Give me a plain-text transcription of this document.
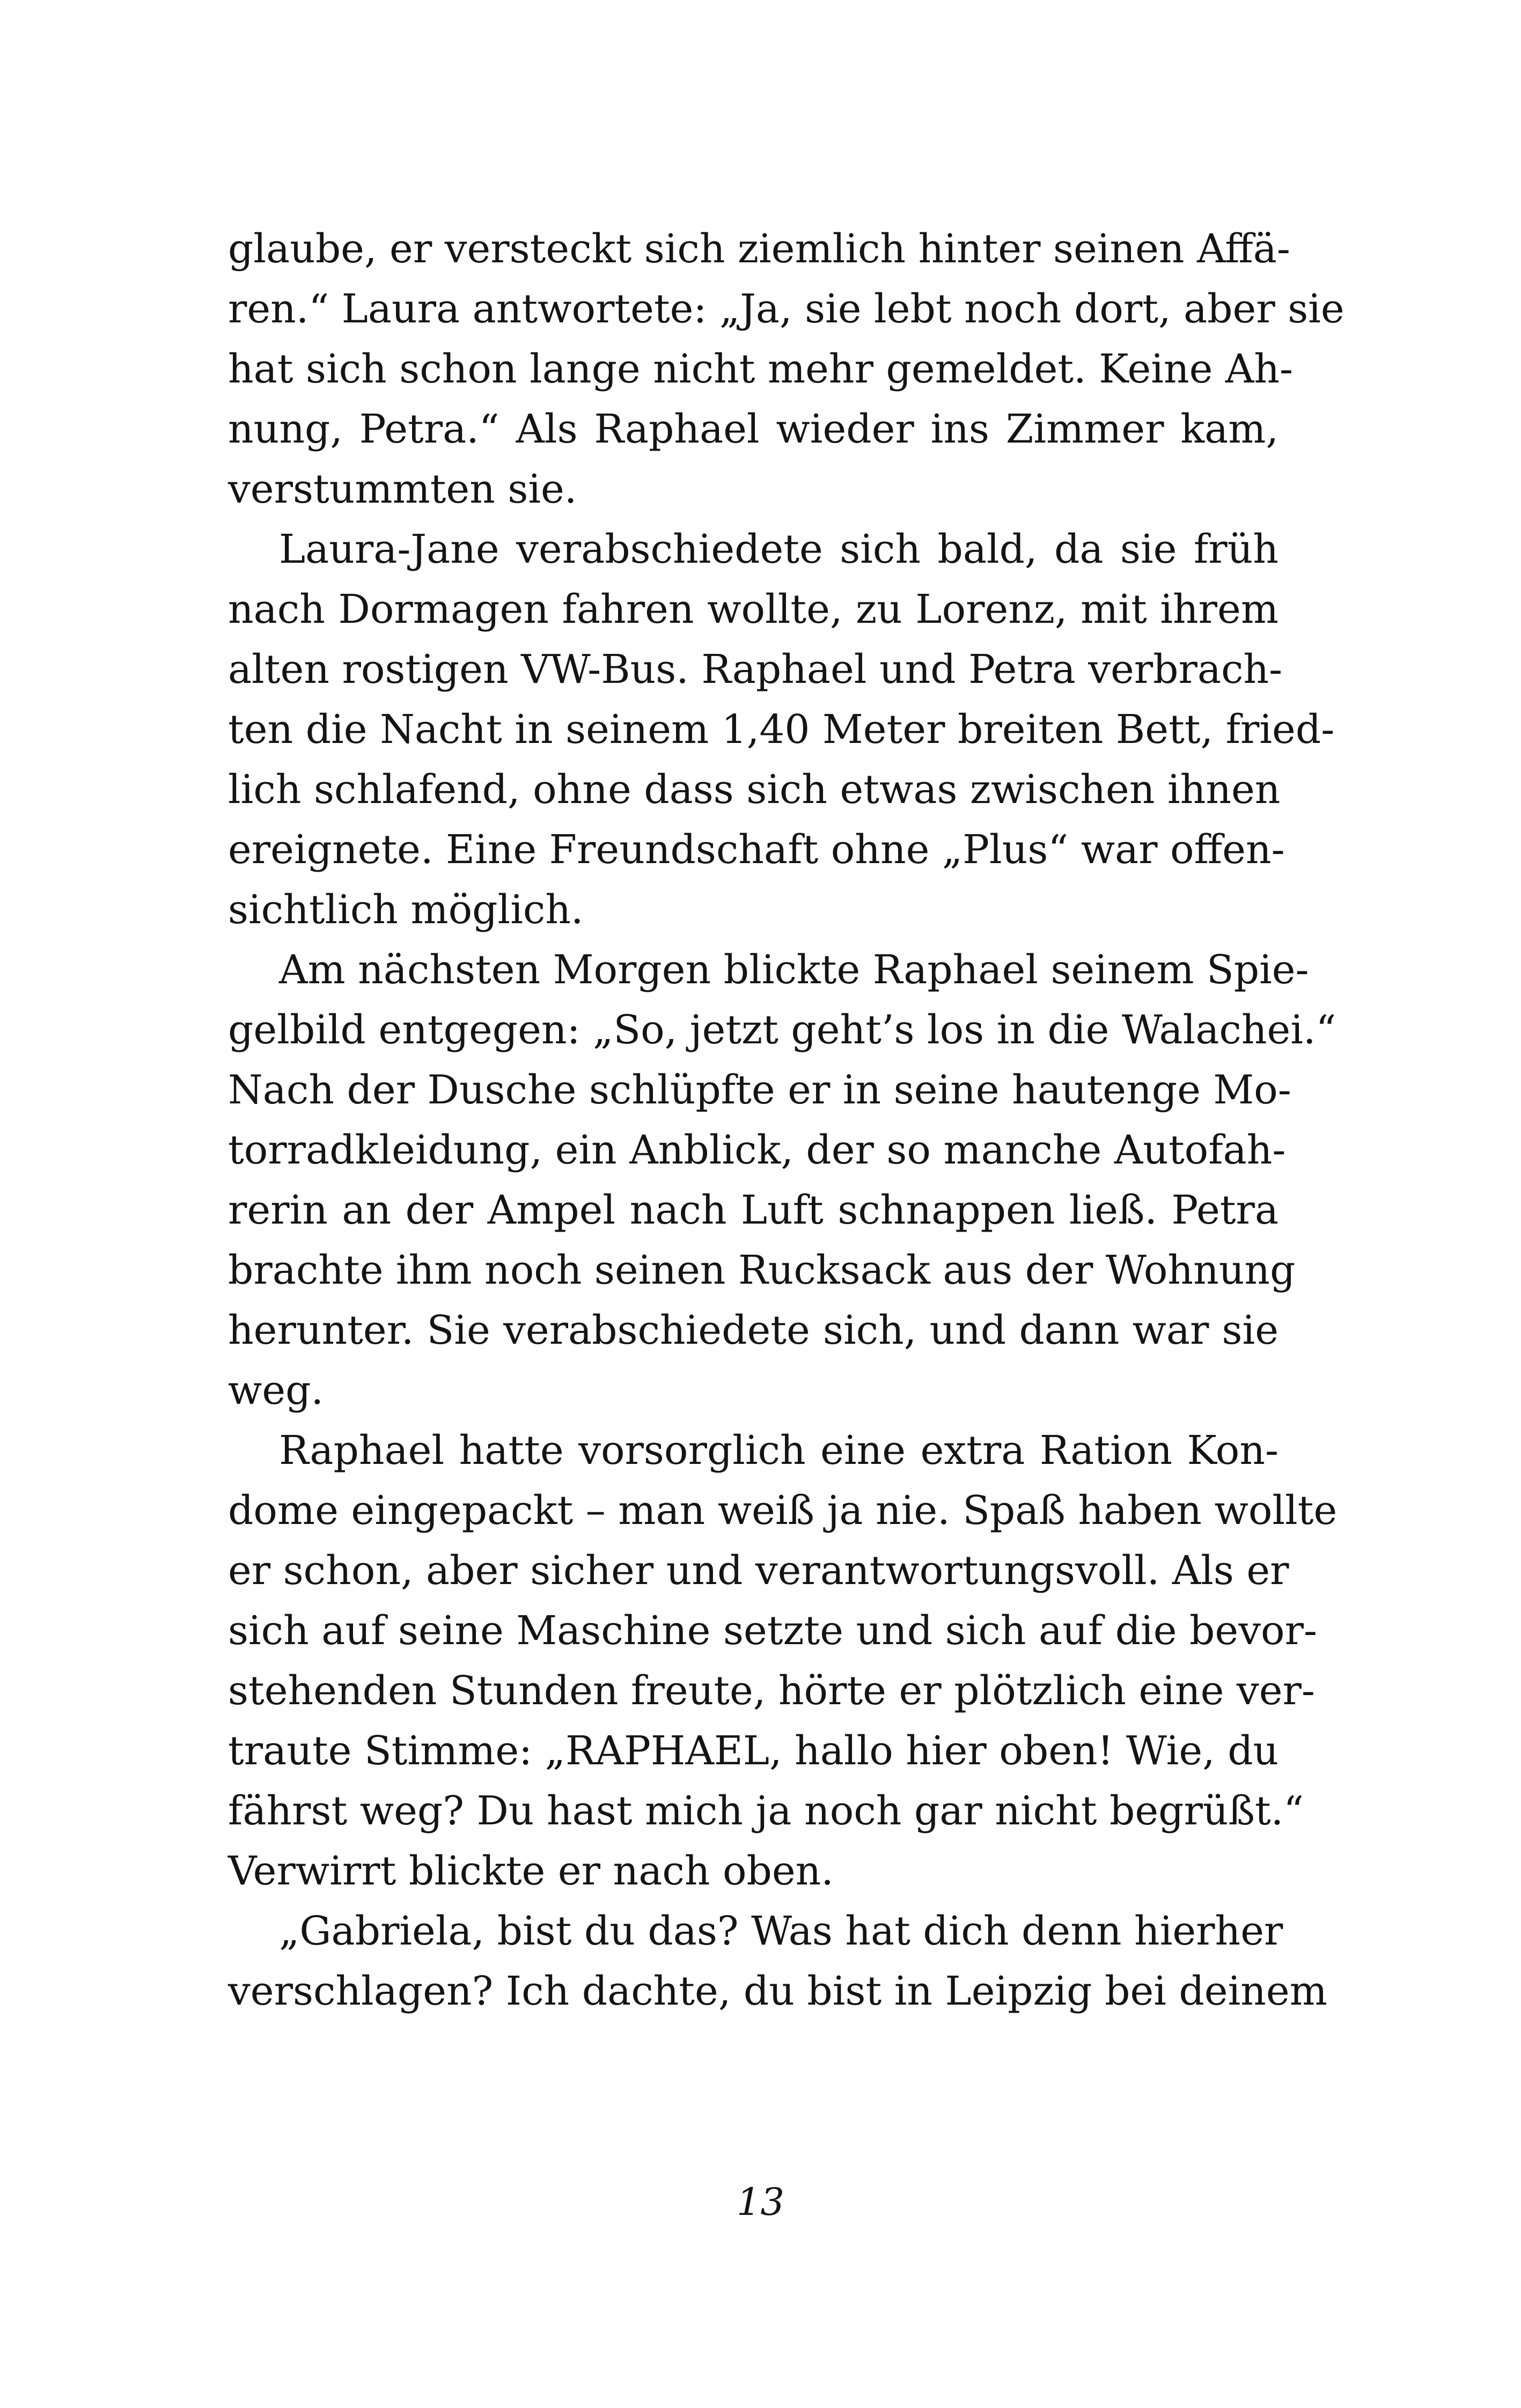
glaube, er versteckt sich ziemlich hinter seinen Affä-
ren.“ Laura antwortete: „Ja, sie lebt noch dort, aber sie
hat sich schon lange nicht mehr gemeldet. Keine Ah-
nung, Petra.“ Als Raphael wieder ins Zimmer kam,
verstummten sie.
Laura-Jane verabschiedete sich bald, da sie früh
nach Dormagen fahren wollte, zu Lorenz, mit ihrem
alten rostigen VW-Bus. Raphael und Petra verbrach-
ten die Nacht in seinem 1,40 Meter breiten Bett, fried-
lich schlafend, ohne dass sich etwas zwischen ihnen
ereignete. Eine Freundschaft ohne „Plus“ war offen-
sichtlich möglich.
Am nächsten Morgen blickte Raphael seinem Spie-
gelbild entgegen: „So, jetzt geht’s los in die Walachei.“
Nach der Dusche schlüpfte er in seine hautenge Mo-
torradkleidung, ein Anblick, der so manche Autofah-
rerin an der Ampel nach Luft schnappen ließ. Petra
brachte ihm noch seinen Rucksack aus der Wohnung
herunter. Sie verabschiedete sich, und dann war sie
weg.
Raphael hatte vorsorglich eine extra Ration Kon-
dome eingepackt – man weiß ja nie. Spaß haben wollte
er schon, aber sicher und verantwortungsvoll. Als er
sich auf seine Maschine setzte und sich auf die bevor-
stehenden Stunden freute, hörte er plötzlich eine ver-
traute Stimme: „RAPHAEL, hallo hier oben! Wie, du
fährst weg? Du hast mich ja noch gar nicht begrüßt.“
Verwirrt blickte er nach oben.
„Gabriela, bist du das? Was hat dich denn hierher
verschlagen? Ich dachte, du bist in Leipzig bei deinem
13
